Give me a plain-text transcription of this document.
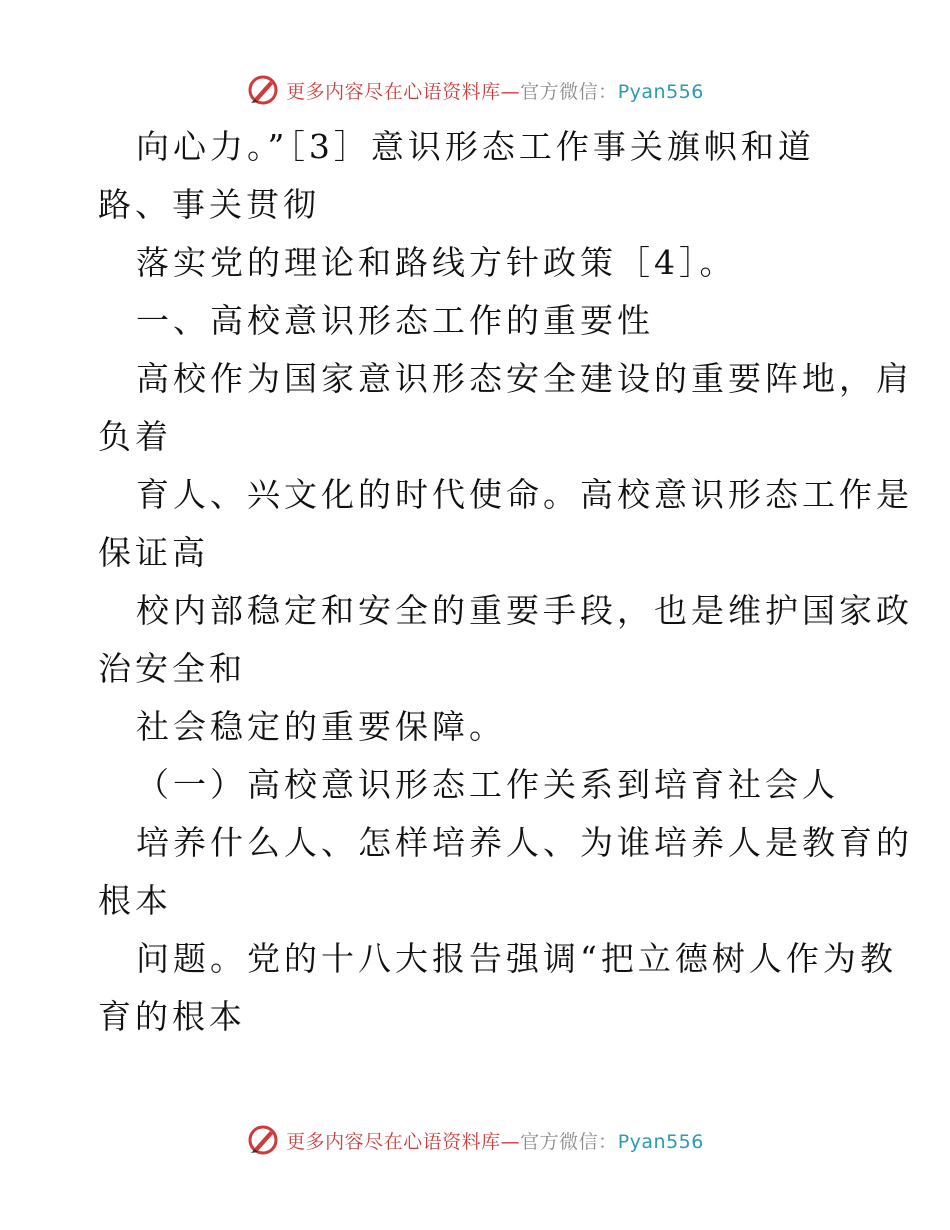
更多内容尽在心语资料库—官方微信：Pyan556
向心力。”［3］意识形态工作事关旗帜和道
路、事关贯彻
落实党的理论和路线方针政策［4］。
一、高校意识形态工作的重要性
高校作为国家意识形态安全建设的重要阵地，肩
负着
育人、兴文化的时代使命。高校意识形态工作是
保证高
校内部稳定和安全的重要手段，也是维护国家政
治安全和
社会稳定的重要保障。
（一）高校意识形态工作关系到培育社会人
培养什么人、怎样培养人、为谁培养人是教育的
根本
问题。党的十八大报告强调“把立德树人作为教
育的根本
更多内容尽在心语资料库—官方微信：Pyan556
